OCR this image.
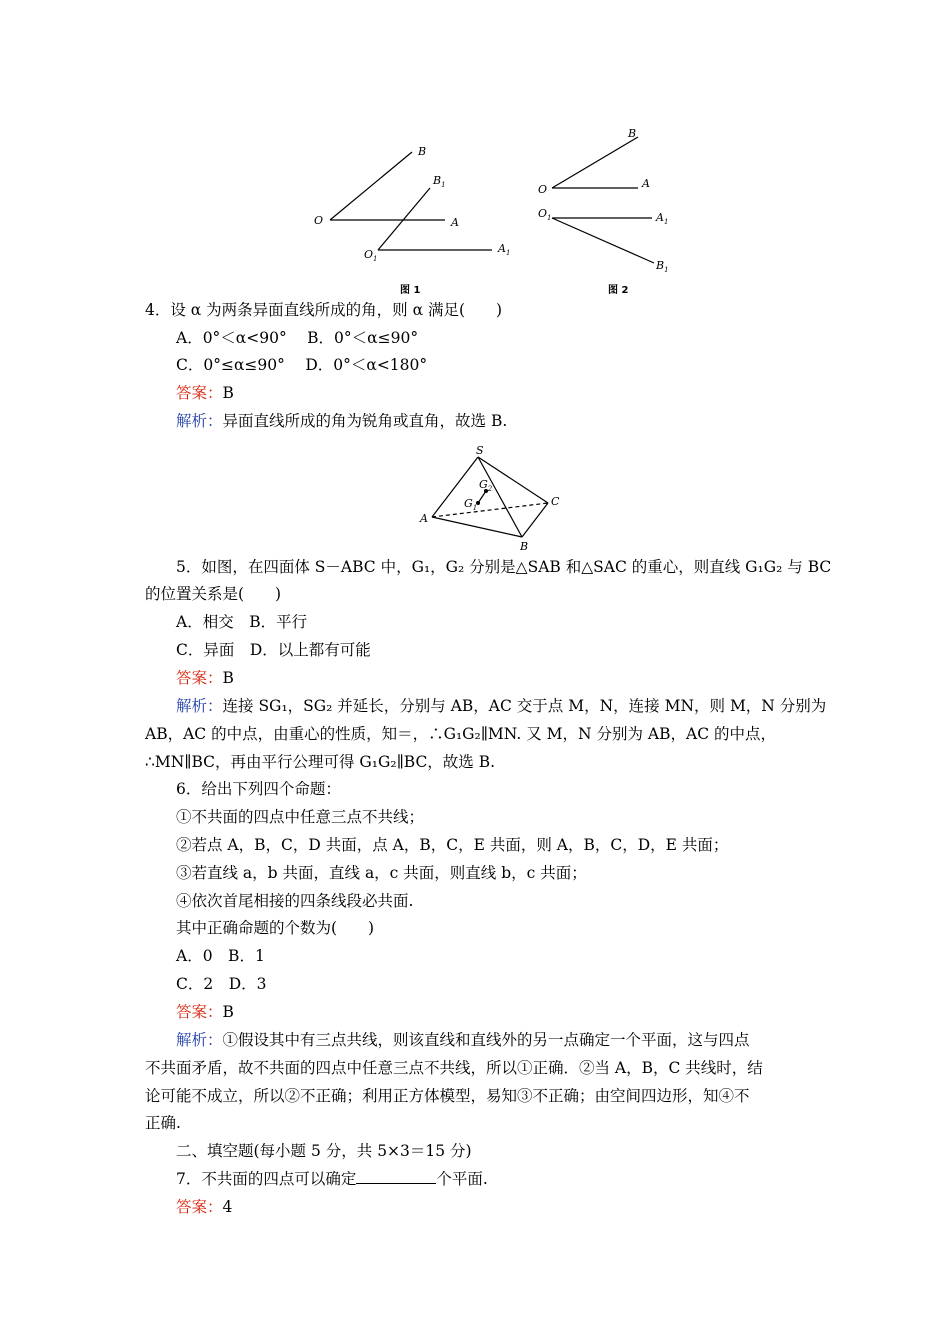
B
$B_1$
O	A
$O_1$
$A_1$
图 1
B
O	A
$O_1$	$A_1$
$B_1$
图 2
4．设 α 为两条异面直线所成的角，则 α 满足(　　)
A．0°＜α<90°　 B．0°＜α≤90°
C．0°≤α≤90°　 D．0°＜α<180°
答案：B
解析：异面直线所成的角为锐角或直角，故选 B.
S
$G_2$
$G_1$	C
A
B
5．如图，在四面体 S－ABC 中，G₁，G₂ 分别是△SAB 和△SAC 的重心，则直线 G₁G₂ 与 BC
的位置关系是(　　)
A．相交　B．平行
C．异面　D．以上都有可能
答案：B
解析：连接 SG₁，SG₂ 并延长，分别与 AB，AC 交于点 M，N，连接 MN，则 M，N 分别为
AB，AC 的中点，由重心的性质，知＝，∴G₁G₂∥MN. 又 M，N 分别为 AB，AC 的中点，
∴MN∥BC，再由平行公理可得 G₁G₂∥BC，故选 B.
6．给出下列四个命题：
①不共面的四点中任意三点不共线；
②若点 A，B，C，D 共面，点 A，B，C，E 共面，则 A，B，C，D，E 共面；
③若直线 a，b 共面，直线 a，c 共面，则直线 b，c 共面；
④依次首尾相接的四条线段必共面.
其中正确命题的个数为(　　)
A．0　B．1
C．2　D．3
答案：B
解析：①假设其中有三点共线，则该直线和直线外的另一点确定一个平面，这与四点
不共面矛盾，故不共面的四点中任意三点不共线，所以①正确．②当 A，B，C 共线时，结
论可能不成立，所以②不正确；利用正方体模型，易知③不正确；由空间四边形，知④不
正确.
二、填空题(每小题 5 分，共 5×3＝15 分)
7．不共面的四点可以确定	个平面.
答案：4
